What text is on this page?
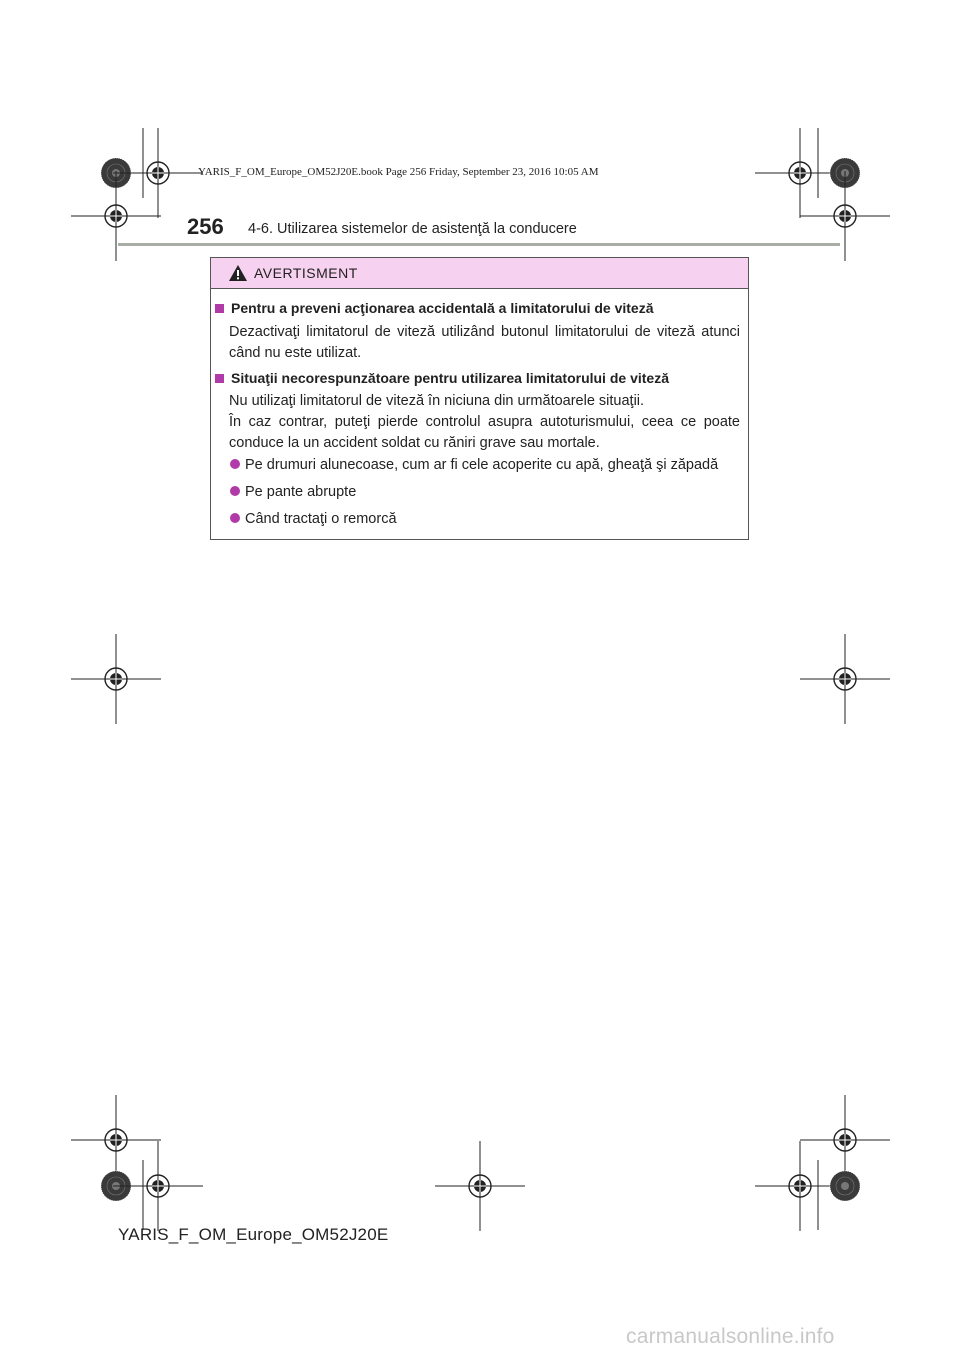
YARIS_F_OM_Europe_OM52J20E.book Page 256 Friday, September 23, 2016 10:05 AM
256 4-6. Utilizarea sistemelor de asistenţă la conducere
AVERTISMENT
Pentru a preveni acţionarea accidentală a limitatorului de viteză
Dezactivaţi limitatorul de viteză utilizând butonul limitatorului de viteză atunci când nu este utilizat.
Situaţii necorespunzătoare pentru utilizarea limitatorului de viteză
Nu utilizaţi limitatorul de viteză în niciuna din următoarele situaţii.
În caz contrar, puteţi pierde controlul asupra autoturismului, ceea ce poate conduce la un accident soldat cu răniri grave sau mortale.
Pe drumuri alunecoase, cum ar fi cele acoperite cu apă, gheaţă şi zăpadă
Pe pante abrupte
Când tractaţi o remorcă
YARIS_F_OM_Europe_OM52J20E
carmanualsonline.info
